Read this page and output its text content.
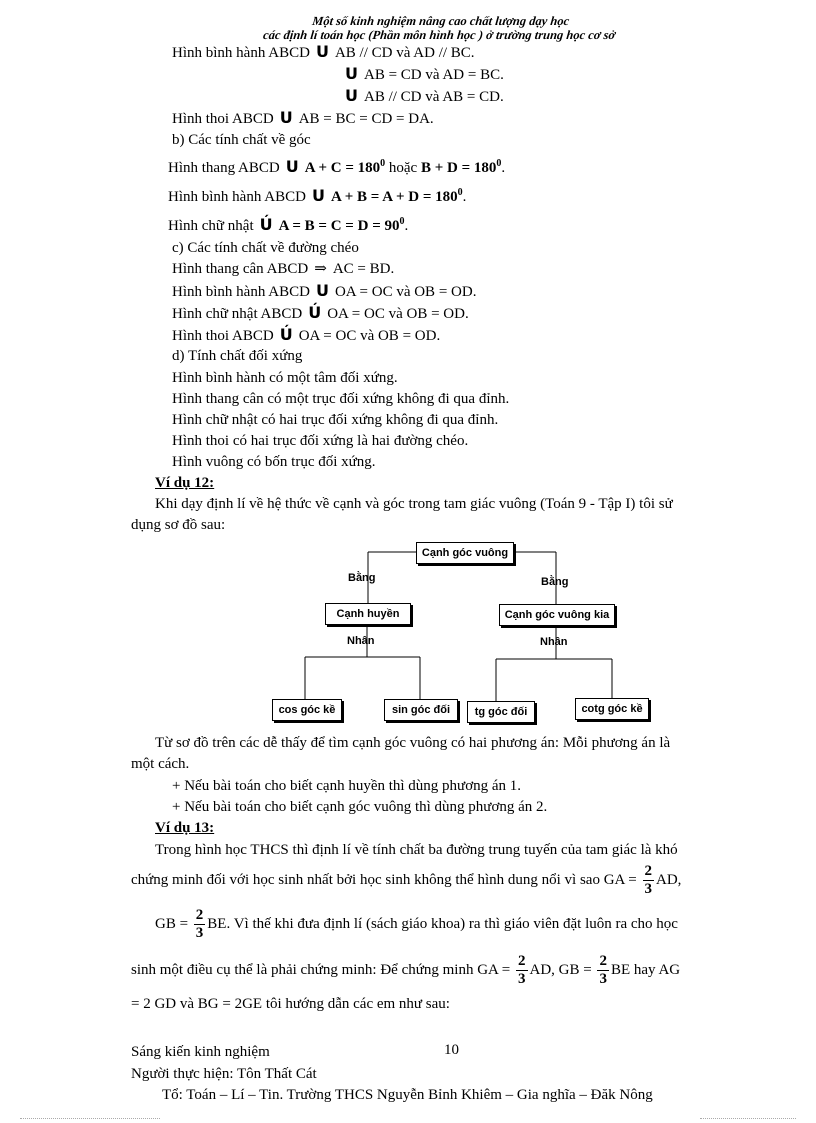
Một số kinh nghiệm nâng cao chất lượng dạy học
các định lí toán học (Phần môn hình học ) ở trường trung học cơ sở
Hình bình hành ABCD U AB // CD và AD // BC.
U AB = CD và AD = BC.
U AB // CD và AB = CD.
Hình thoi ABCD U AB = BC = CD = DA.
b) Các tính chất về góc
Hình thang ABCD U $A + C = 180^0$ hoặc $B + D = 180^0$.
Hình bình hành ABCD U $A + B = A + D = 180^0$.
Hình chữ nhật Ú $A = B = C = D = 90^0$.
c) Các tính chất về đường chéo
Hình thang cân ABCD ⇒ AC = BD.
Hình bình hành ABCD U OA = OC và OB = OD.
Hình chữ nhật ABCD Ú OA = OC và OB = OD.
Hình thoi ABCD Ú OA = OC và OB = OD.
d) Tính chất đối xứng
Hình bình hành có một tâm đối xứng.
Hình thang cân có một trục đối xứng không đi qua đỉnh.
Hình chữ nhật có hai trục đối xứng không đi qua đỉnh.
Hình thoi có hai trục đối xứng là hai đường chéo.
Hình vuông có bốn trục đối xứng.
Ví dụ 12:
Khi dạy định lí về hệ thức về cạnh và góc trong tam giác vuông (Toán 9 - Tập I) tôi sử
dụng sơ đồ sau:
Cạnh góc vuông
Bằng	Bằng
Cạnh huyền	Cạnh góc vuông kia
Nhân	Nhân
cos góc kề	sin góc đối	tg góc đối	cotg góc kề
Từ sơ đồ trên các dễ thấy để tìm cạnh góc vuông có hai phương án: Mỗi phương án là
một cách.
+ Nếu bài toán cho biết cạnh huyền thì dùng phương án 1.
+ Nếu bài toán cho biết cạnh góc vuông thì dùng phương án 2.
Ví dụ 13:
Trong hình học THCS thì định lí về tính chất ba đường trung tuyến của tam giác là khó
chứng minh đối với học sinh nhất bởi học sinh không thể hình dung nổi vì sao GA = $\frac{2}{3}$ AD,
GB = $\frac{2}{3}$ BE. Vì thế khi đưa định lí (sách giáo khoa) ra thì giáo viên đặt luôn ra cho học
sinh một điều cụ thể là phải chứng minh: Để chứng minh GA = $\frac{2}{3}$ AD, GB = $\frac{2}{3}$ BE hay AG
= 2 GD và BG = 2GE tôi hướng dẫn các em như sau:
Sáng kiến kinh nghiệm	10
Người thực hiện: Tôn Thất Cát
Tổ: Toán – Lí – Tin. Trường THCS Nguyễn Bỉnh Khiêm – Gia nghĩa – Đăk Nông
